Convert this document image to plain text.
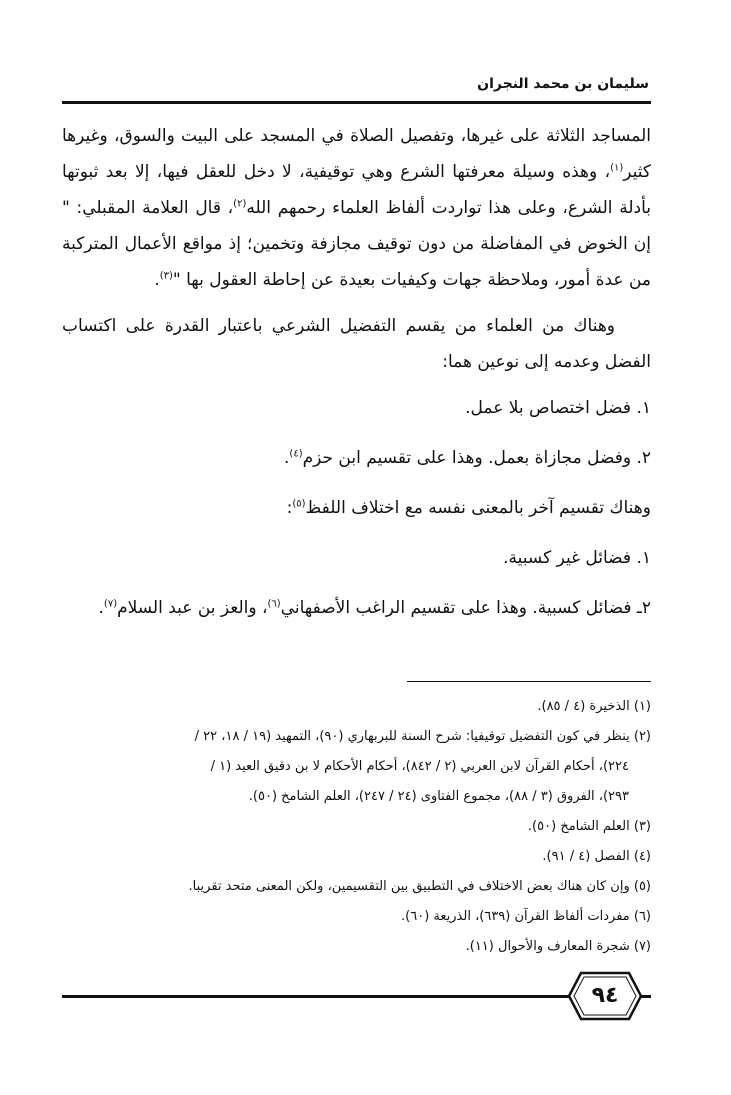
سليمان بن محمد النجران

المساجد الثلاثة على غيرها، وتفصيل الصلاة في المسجد على البيت والسوق، وغيرها كثير$^{(١)}$، وهذه وسيلة معرفتها الشرع وهي توقيفية، لا دخل للعقل فيها، إلا بعد ثبوتها بأدلة الشرع، وعلى هذا تواردت ألفاظ العلماء رحمهم الله$^{(٢)}$، قال العلامة المقبلي: " إن الخوض في المفاضلة من دون توقيف مجازفة وتخمين؛ إذ مواقع الأعمال المتركبة من عدة أمور، وملاحظة جهات وكيفيات بعيدة عن إحاطة العقول بها "$^{(٣)}$.

وهناك من العلماء من يقسم التفضيل الشرعي باعتبار القدرة على اكتساب الفضل وعدمه إلى نوعين هما:

١. فضل اختصاص بلا عمل.

٢. وفضل مجازاة بعمل. وهذا على تقسيم ابن حزم$^{(٤)}$.

وهناك تقسيم آخر بالمعنى نفسه مع اختلاف اللفظ$^{(٥)}$:

١. فضائل غير كسبية.

٢ـ فضائل كسبية. وهذا على تقسيم الراغب الأصفهاني$^{(٦)}$، والعز بن عبد السلام$^{(٧)}$.

(١) الذخيرة (٤ / ٨٥).

(٢) ينظر في كون التفضيل توقيفيا: شرح السنة للبربهاري (٩٠)، التمهيد (١٩ / ١٨، ٢٢ /

٢٢٤)، أحكام القرآن لابن العربي (٢ / ٨٤٢)، أحكام الأحكام لا بن دقيق العيد (١ /

٢٩٣)، الفروق (٣ / ٨٨)، مجموع الفتاوى (٢٤ / ٢٤٧)، العلم الشامخ (٥٠).

(٣) العلم الشامخ (٥٠).

(٤) الفصل (٤ / ٩١).

(٥) وإن كان هناك بعض الاختلاف في التطبيق بين التقسيمين، ولكن المعنى متحد تقريبا.

(٦) مفردات ألفاظ القرآن (٦٣٩)، الذريعة (٦٠).

(٧) شجرة المعارف والأحوال (١١).

٩٤
